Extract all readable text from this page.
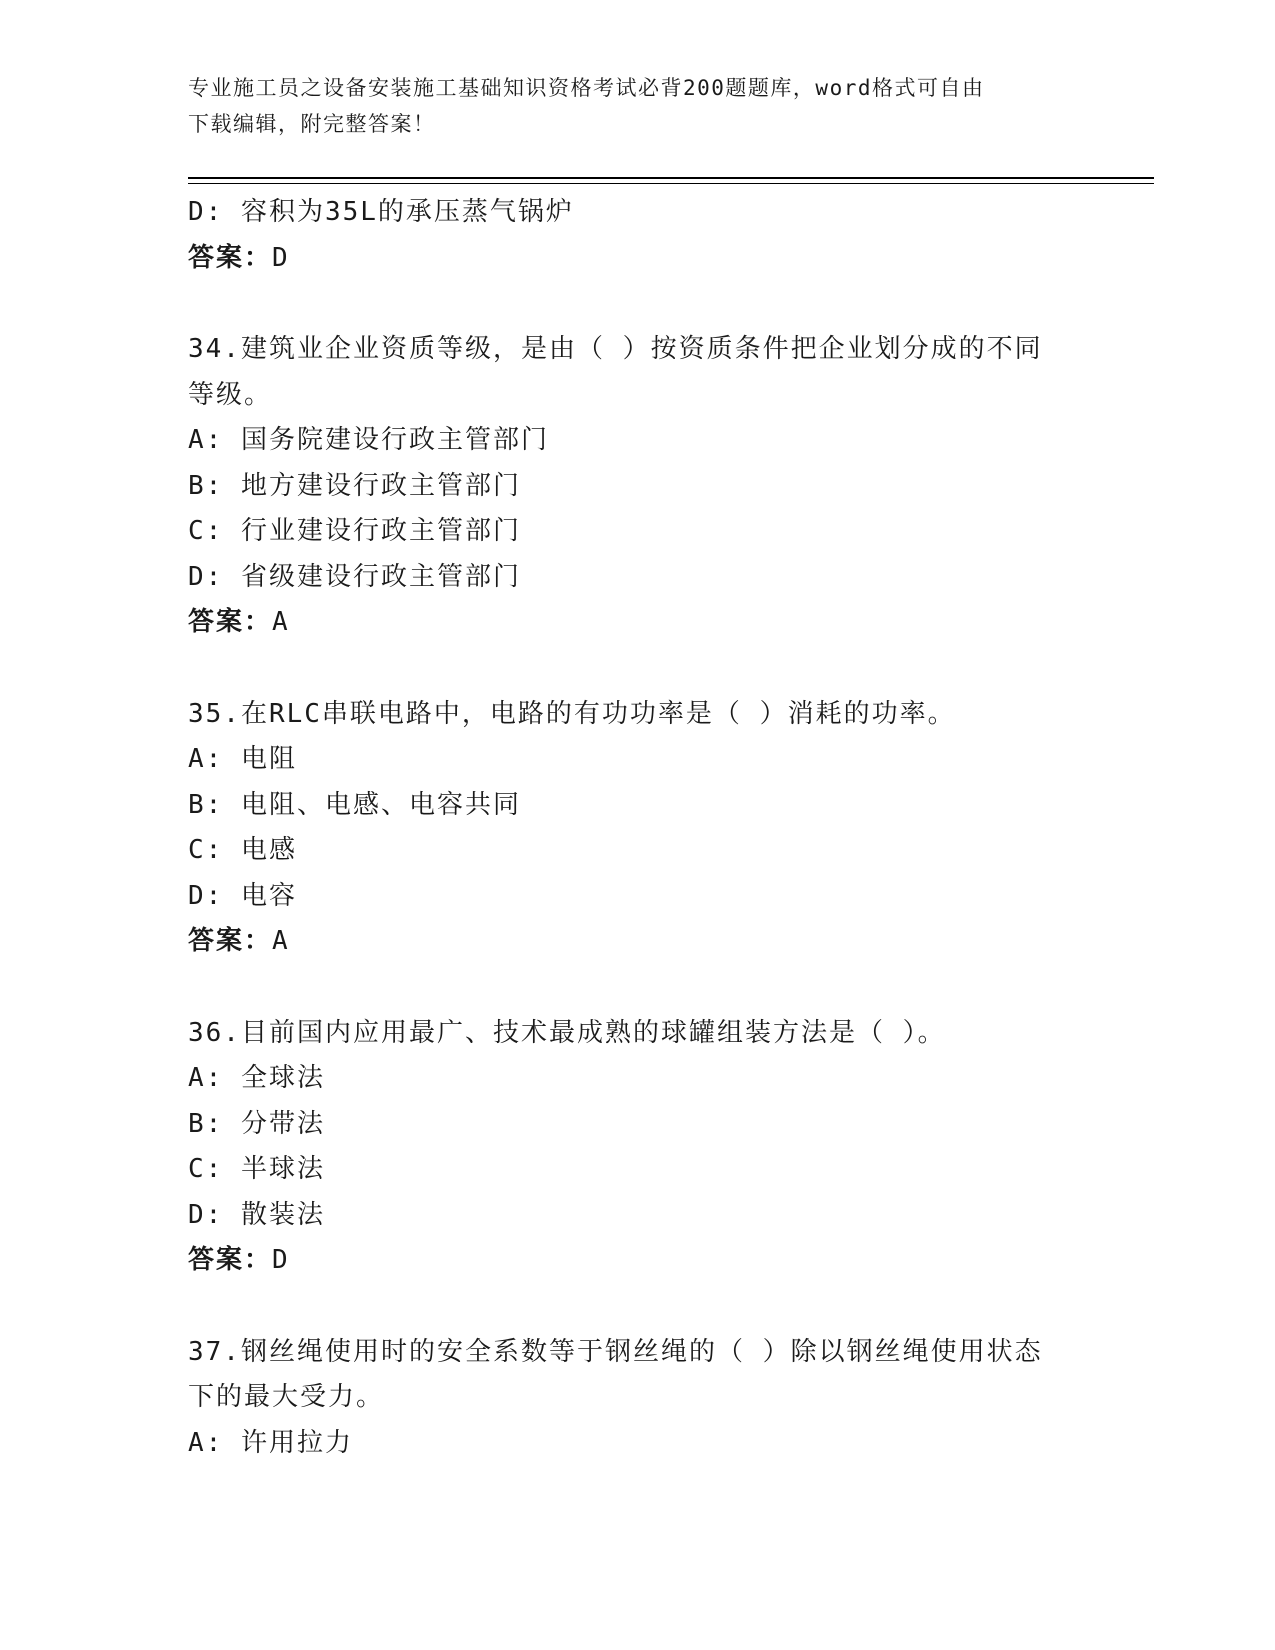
专业施工员之设备安装施工基础知识资格考试必背200题题库，word格式可自由
下载编辑，附完整答案！
D: 容积为35L的承压蒸气锅炉
答案：D
34.建筑业企业资质等级，是由（ ）按资质条件把企业划分成的不同
等级。
A: 国务院建设行政主管部门
B: 地方建设行政主管部门
C: 行业建设行政主管部门
D: 省级建设行政主管部门
答案：A
35.在RLC串联电路中，电路的有功功率是（ ）消耗的功率。
A: 电阻
B: 电阻、电感、电容共同
C: 电感
D: 电容
答案：A
36.目前国内应用最广、技术最成熟的球罐组装方法是（ ）。
A: 全球法
B: 分带法
C: 半球法
D: 散装法
答案：D
37.钢丝绳使用时的安全系数等于钢丝绳的（ ）除以钢丝绳使用状态
下的最大受力。
A: 许用拉力
